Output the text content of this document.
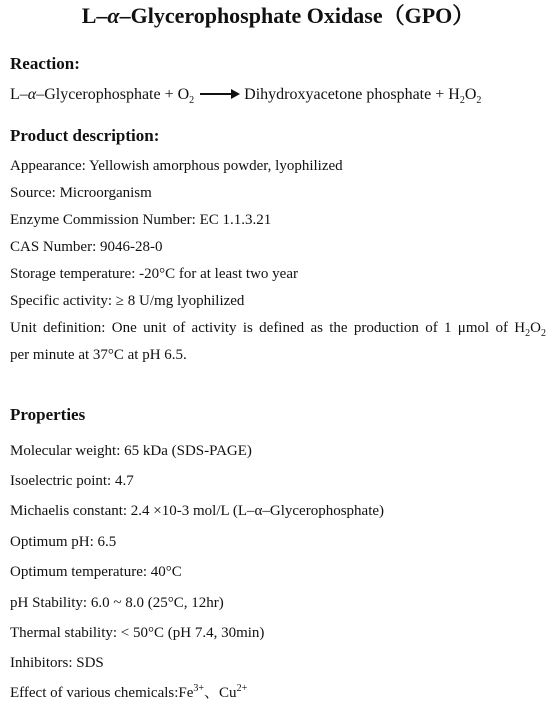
L–α–Glycerophosphate Oxidase（GPO）
Reaction:
L–α–Glycerophosphate + $O_2$ → Dihydroxyacetone phosphate + $H_2O_2$
Product description:
Appearance: Yellowish amorphous powder, lyophilized
Source: Microorganism
Enzyme Commission Number: EC 1.1.3.21
CAS Number: 9046-28-0
Storage temperature: -20°C for at least two year
Specific activity: ≥ 8 U/mg lyophilized
Unit definition: One unit of activity is defined as the production of 1 μmol of $H_2O_2$
per minute at 37°C at pH 6.5.
Properties
Molecular weight: 65 kDa (SDS-PAGE)
Isoelectric point: 4.7
Michaelis constant: 2.4 ×10-3 mol/L (L–α–Glycerophosphate)
Optimum pH: 6.5
Optimum temperature: 40°C
pH Stability: 6.0 ~ 8.0 (25°C, 12hr)
Thermal stability: < 50°C (pH 7.4, 30min)
Inhibitors: SDS
Effect of various $chemicals:Fe^{3+}$、$Cu^{2+}$
